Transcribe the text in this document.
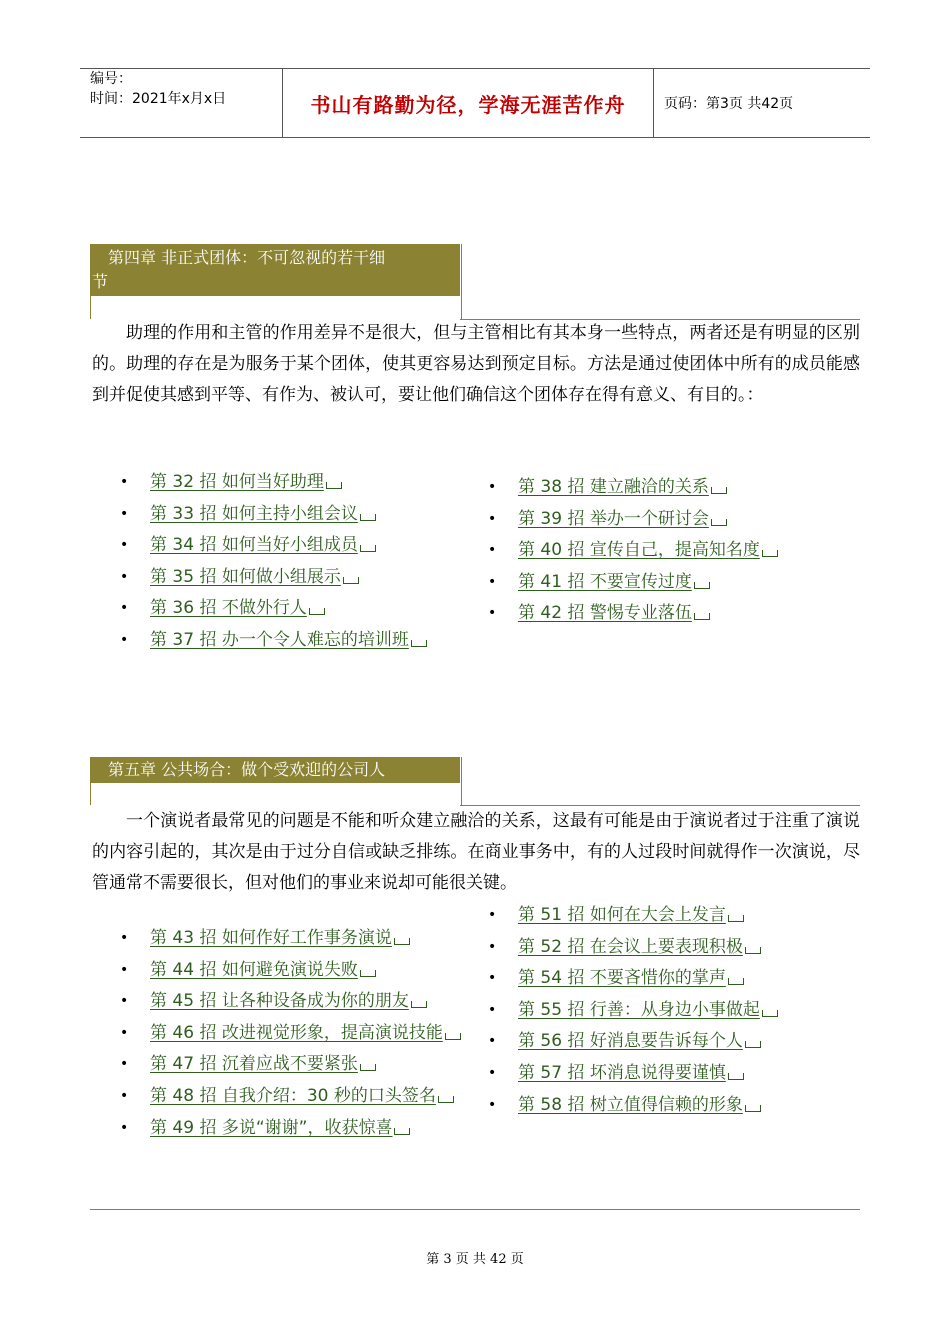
编号：
时间：2021年x月x日	书山有路勤为径，学海无涯苦作舟	页码：第3页 共42页
第四章 非正式团体：不可忽视的若干细
节

助理的作用和主管的作用差异不是很大，但与主管相比有其本身一些特点，两者还是有明显的区别的。助理的存在是为服务于某个团体，使其更容易达到预定目标。方法是通过使团体中所有的成员能感到并促使其感到平等、有作为、被认可，要让他们确信这个团体存在得有意义、有目的。：

•	第 32 招 如何当好助理
•	第 33 招 如何主持小组会议
•	第 34 招 如何当好小组成员
•	第 35 招 如何做小组展示
•	第 36 招 不做外行人
•	第 37 招 办一个令人难忘的培训班
•	第 38 招 建立融洽的关系
•	第 39 招 举办一个研讨会
•	第 40 招 宣传自己，提高知名度
•	第 41 招 不要宣传过度
•	第 42 招 警惕专业落伍
第五章 公共场合：做个受欢迎的公司人

一个演说者最常见的问题是不能和听众建立融洽的关系，这最有可能是由于演说者过于注重了演说的内容引起的，其次是由于过分自信或缺乏排练。在商业事务中，有的人过段时间就得作一次演说，尽管通常不需要很长，但对他们的事业来说却可能很关键。

•	第 43 招 如何作好工作事务演说
•	第 44 招 如何避免演说失败
•	第 45 招 让各种设备成为你的朋友
•	第 46 招 改进视觉形象，提高演说技能
•	第 47 招 沉着应战不要紧张
•	第 48 招 自我介绍：30 秒的口头签名
•	第 49 招 多说“谢谢”，收获惊喜
•	第 51 招 如何在大会上发言
•	第 52 招 在会议上要表现积极
•	第 54 招 不要吝惜你的掌声
•	第 55 招 行善：从身边小事做起
•	第 56 招 好消息要告诉每个人
•	第 57 招 坏消息说得要谨慎
•	第 58 招 树立值得信赖的形象
第 3 页 共 42 页
